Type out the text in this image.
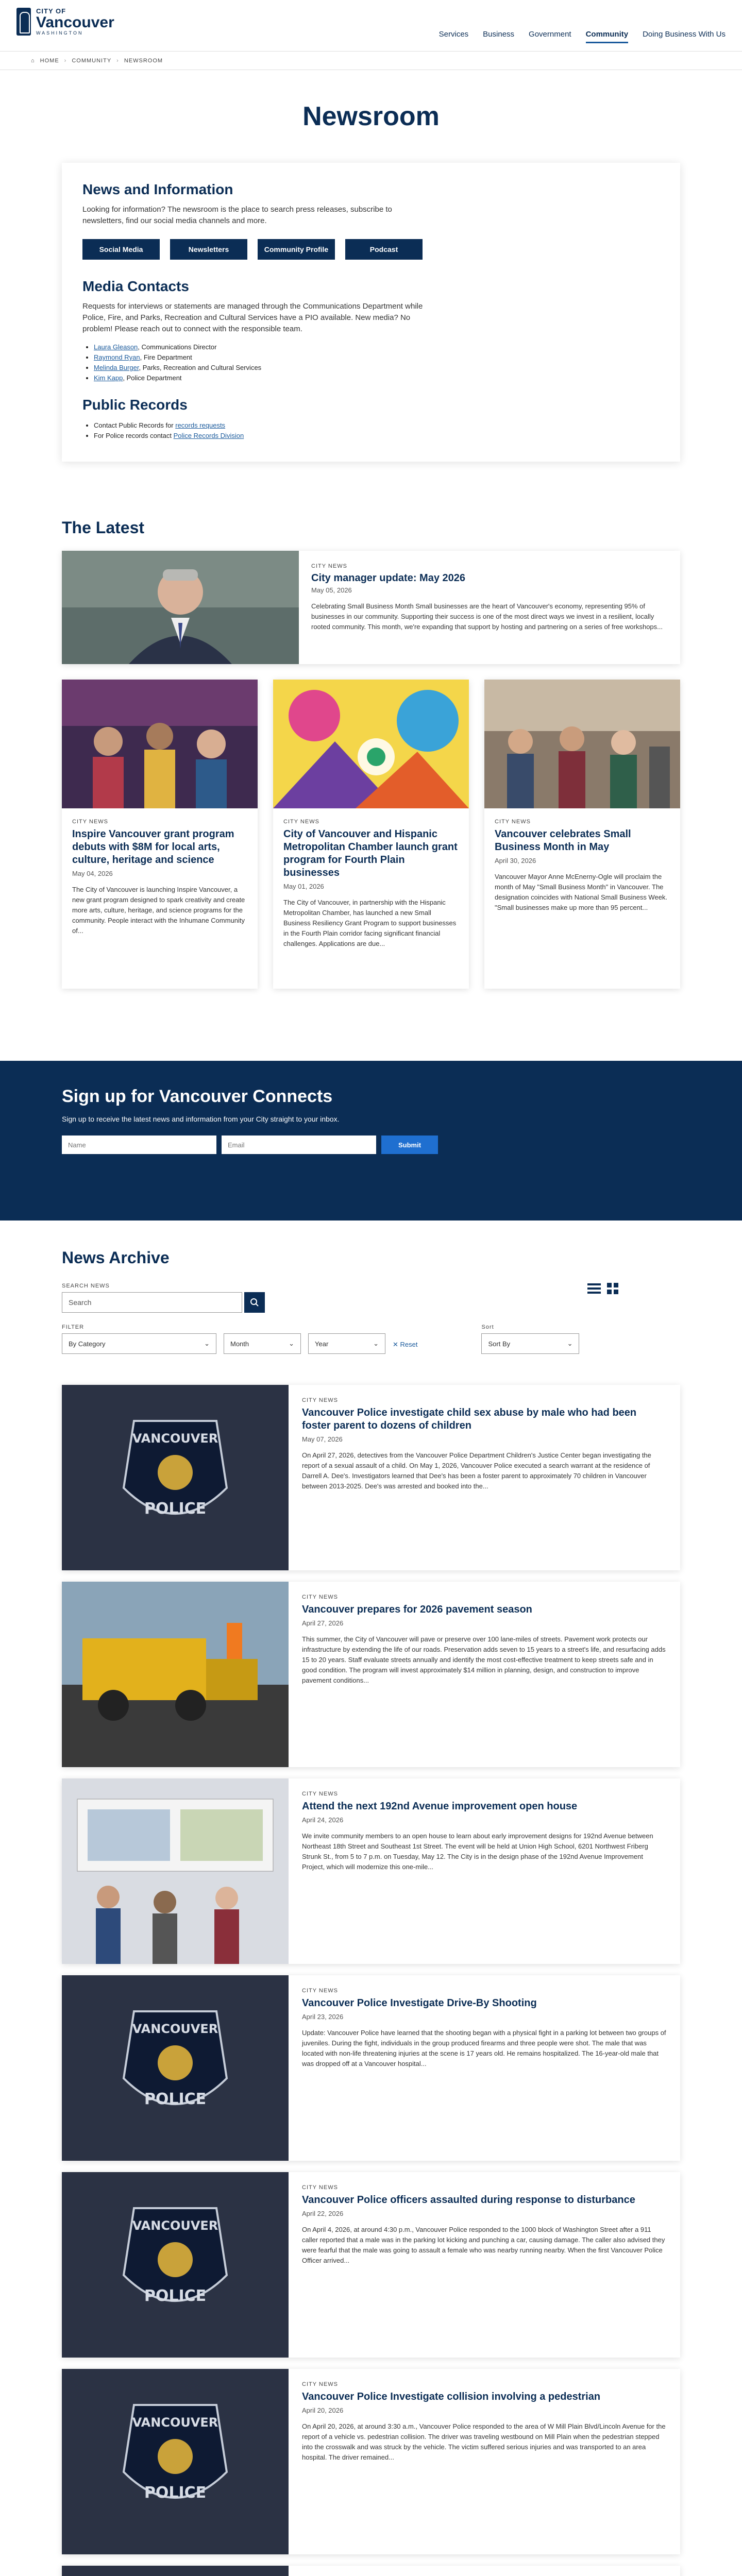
CITY OF
Vancouver
WASHINGTON	Services Business Government Community Doing Business With Us
⌂ HOME › COMMUNITY › NEWSROOM
Newsroom
News and Information

Looking for information? The newsroom is the place to search press releases, subscribe to newsletters, find our social media channels and more.

Social Media	Newsletters	Community Profile	Podcast
Media Contacts

Requests for interviews or statements are managed through the Communications Department while Police, Fire, and Parks, Recreation and Cultural Services have a PIO available. New media? No problem! Please reach out to connect with the responsible team.

• Laura Gleason, Communications Director
• Raymond Ryan, Fire Department
• Melinda Burger, Parks, Recreation and Cultural Services
• Kim Kapp, Police Department
Public Records
• Contact Public Records for records requests
• For Police records contact Police Records Division
The Latest
CITY NEWS
City manager update: May 2026
May 05, 2026

Celebrating Small Business Month Small businesses are the heart of Vancouver's economy, representing 95% of businesses in our community. Supporting their success is one of the most direct ways we invest in a resilient, locally rooted community. This month, we're expanding that support by hosting and partnering on a series of free workshops...

CITY NEWS
Inspire Vancouver grant program debuts with $8M for local arts, culture, heritage and science
May 04, 2026

The City of Vancouver is launching Inspire Vancouver, a new grant program designed to spark creativity and create more arts, culture, heritage, and science programs for the community. People interact with the Inhumane Community of...

CITY NEWS
City of Vancouver and Hispanic Metropolitan Chamber launch grant program for Fourth Plain businesses
May 01, 2026

The City of Vancouver, in partnership with the Hispanic Metropolitan Chamber, has launched a new Small Business Resiliency Grant Program to support businesses in the Fourth Plain corridor facing significant financial challenges. Applications are due...

CITY NEWS
Vancouver celebrates Small Business Month in May
April 30, 2026

Vancouver Mayor Anne McEnerny-Ogle will proclaim the month of May "Small Business Month" in Vancouver. The designation coincides with National Small Business Week. "Small businesses make up more than 95 percent...

Sign up for Vancouver Connects

Sign up to receive the latest news and information from your City straight to your inbox.

Name
Email
Submit
News Archive
SEARCH NEWS
Search
FILTER
By Category	⌄	Month	⌄	Year	⌄ ✕ Reset
Sort
Sort By	⌄
VANCOUVER
POLICE
CITY NEWS
Vancouver Police investigate child sex abuse by male who had been foster parent to dozens of children
May 07, 2026

On April 27, 2026, detectives from the Vancouver Police Department Children's Justice Center began investigating the report of a sexual assault of a child. On May 1, 2026, Vancouver Police executed a search warrant at the residence of Darrell A. Dee's. Investigators learned that Dee's has been a foster parent to approximately 70 children in Vancouver between 2013-2025. Dee's was arrested and booked into the...

CITY NEWS
Vancouver prepares for 2026 pavement season
April 27, 2026

This summer, the City of Vancouver will pave or preserve over 100 lane-miles of streets. Pavement work protects our infrastructure by extending the life of our roads. Preservation adds seven to 15 years to a street's life, and resurfacing adds 15 to 20 years. Staff evaluate streets annually and identify the most cost-effective treatment to keep streets safe and in good condition. The program will invest approximately $14 million in planning, design, and construction to improve pavement conditions...

CITY NEWS
Attend the next 192nd Avenue improvement open house
April 24, 2026

We invite community members to an open house to learn about early improvement designs for 192nd Avenue between Northeast 18th Street and Southeast 1st Street. The event will be held at Union High School, 6201 Northwest Friberg Strunk St., from 5 to 7 p.m. on Tuesday, May 12. The City is in the design phase of the 192nd Avenue Improvement Project, which will modernize this one-mile...

VANCOUVER
POLICE
CITY NEWS
Vancouver Police Investigate Drive-By Shooting
April 23, 2026

Update: Vancouver Police have learned that the shooting began with a physical fight in a parking lot between two groups of juveniles. During the fight, individuals in the group produced firearms and three people were shot. The male that was located with non-life threatening injuries at the scene is 17 years old. He remains hospitalized. The 16-year-old male that was dropped off at a Vancouver hospital...

VANCOUVER
POLICE
CITY NEWS
Vancouver Police officers assaulted during response to disturbance
April 22, 2026

On April 4, 2026, at around 4:30 p.m., Vancouver Police responded to the 1000 block of Washington Street after a 911 caller reported that a male was in the parking lot kicking and punching a car, causing damage. The caller also advised they were fearful that the male was going to assault a female who was nearby running nearby. When the first Vancouver Police Officer arrived...

VANCOUVER
POLICE
CITY NEWS
Vancouver Police Investigate collision involving a pedestrian
April 20, 2026

On April 20, 2026, at around 3:30 a.m., Vancouver Police responded to the area of W Mill Plain Blvd/Lincoln Avenue for the report of a vehicle vs. pedestrian collision. The driver was traveling westbound on Mill Plain when the pedestrian stepped into the crosswalk and was struck by the vehicle. The victim suffered serious injuries and was transported to an area hospital. The driver remained...
